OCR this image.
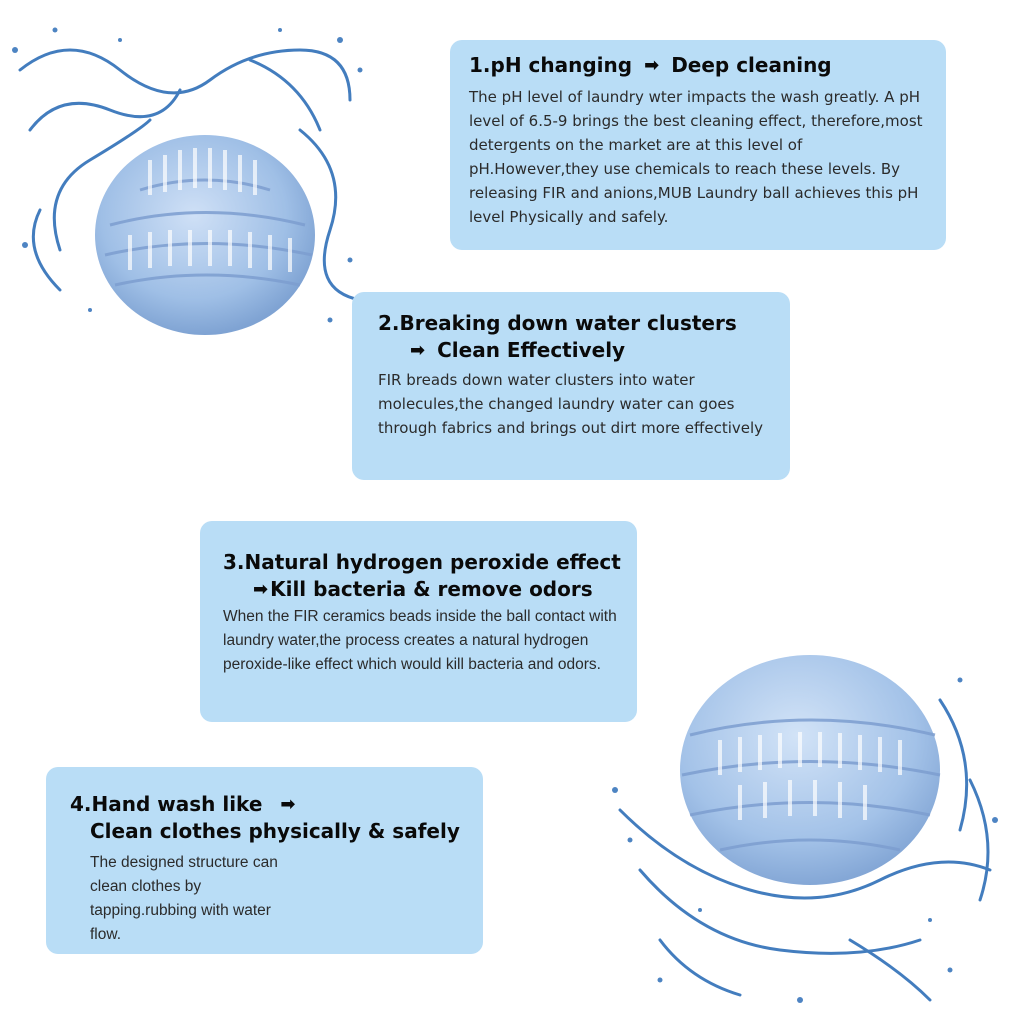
1.pH changing ➡ Deep cleaning
The pH level of laundry wter impacts the wash greatly. A pH level of 6.5-9 brings the best cleaning effect, therefore,most detergents on the market are at this level of pH.However,they use chemicals to reach these levels. By releasing FIR and anions,MUB Laundry ball achieves this pH level Physically and safely.
2.Breaking down water clusters
➡ Clean Effectively
FIR breads down water clusters into water molecules,the changed laundry water can goes through fabrics and brings out dirt more effectively
3.Natural hydrogen peroxide effect
➡ Kill bacteria & remove odors
When the FIR ceramics beads inside the ball contact with laundry water,the process creates a natural hydrogen peroxide-like effect which would kill bacteria and odors.
4.Hand wash like ➡
Clean clothes physically & safely
The designed structure can clean clothes by tapping.rubbing with water flow.
